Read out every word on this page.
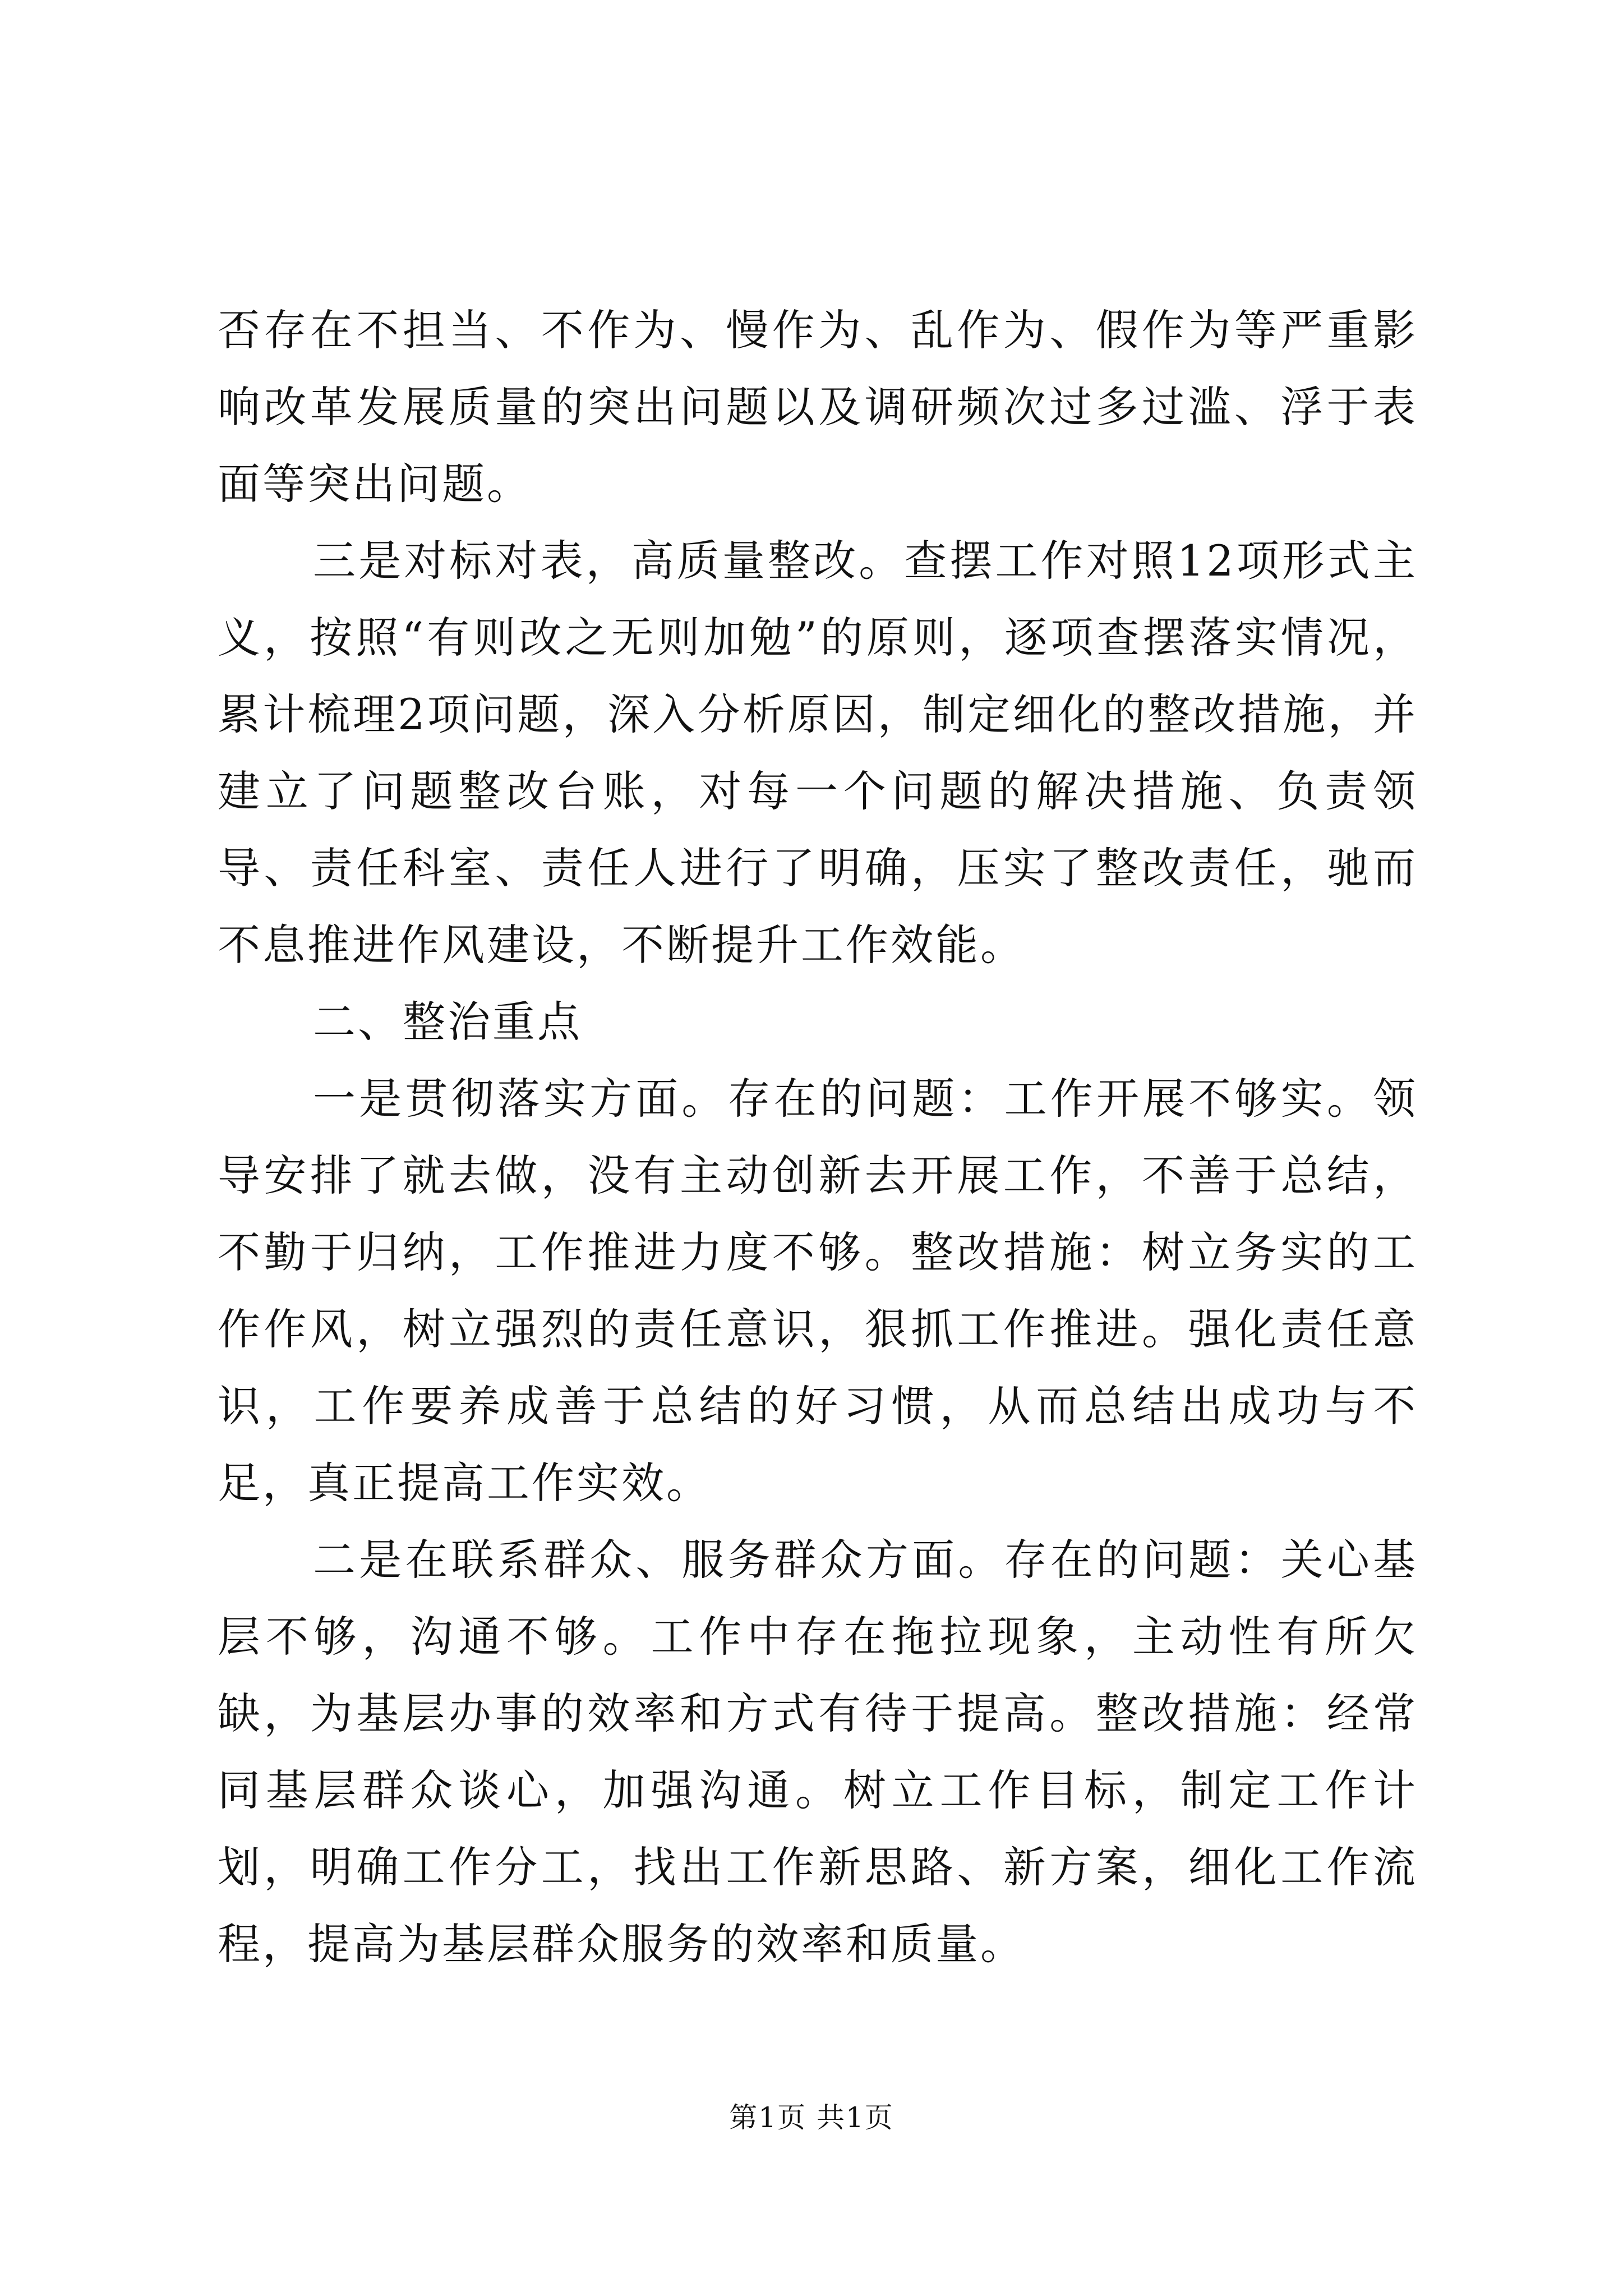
否存在不担当、不作为、慢作为、乱作为、假作为等严重影响改革发展质量的突出问题以及调研频次过多过滥、浮于表面等突出问题。

三是对标对表，高质量整改。查摆工作对照12项形式主义，按照“有则改之无则加勉”的原则，逐项查摆落实情况，累计梳理2项问题，深入分析原因，制定细化的整改措施，并建立了问题整改台账，对每一个问题的解决措施、负责领导、责任科室、责任人进行了明确，压实了整改责任，驰而不息推进作风建设，不断提升工作效能。

二、整治重点

一是贯彻落实方面。存在的问题：工作开展不够实。领导安排了就去做，没有主动创新去开展工作，不善于总结，不勤于归纳，工作推进力度不够。整改措施：树立务实的工作作风，树立强烈的责任意识，狠抓工作推进。强化责任意识，工作要养成善于总结的好习惯，从而总结出成功与不足，真正提高工作实效。

二是在联系群众、服务群众方面。存在的问题：关心基层不够，沟通不够。工作中存在拖拉现象，主动性有所欠缺，为基层办事的效率和方式有待于提高。整改措施：经常同基层群众谈心，加强沟通。树立工作目标，制定工作计划，明确工作分工，找出工作新思路、新方案，细化工作流程，提高为基层群众服务的效率和质量。

第1页 共1页
